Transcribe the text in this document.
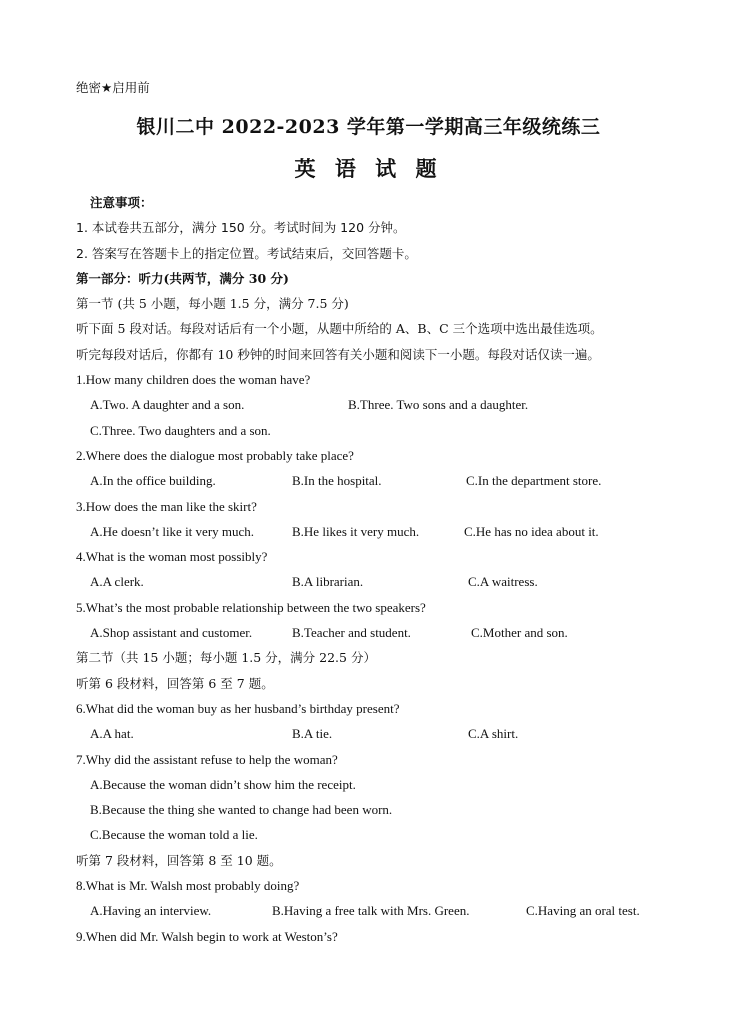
绝密★启用前
银川二中 2022-2023 学年第一学期高三年级统练三
英 语 试 题
注意事项：
1. 本试卷共五部分，满分 150 分。考试时间为 120 分钟。
2. 答案写在答题卡上的指定位置。考试结束后，交回答题卡。
第一部分：听力(共两节，满分 30 分)
第一节 (共 5 小题，每小题 1.5 分，满分 7.5 分)
听下面 5 段对话。每段对话后有一个小题，从题中所给的 A、B、C 三个选项中选出最佳选项。
听完每段对话后，你都有 10 秒钟的时间来回答有关小题和阅读下一小题。每段对话仅读一遍。
1.How many children does the woman have?
A.Two. A daughter and a son.	B.Three. Two sons and a daughter.
C.Three. Two daughters and a son.
2.Where does the dialogue most probably take place?
A.In the office building.	B.In the hospital.	C.In the department store.
3.How does the man like the skirt?
A.He doesn’t like it very much.	B.He likes it very much.	C.He has no idea about it.
4.What is the woman most possibly?
A.A clerk.	B.A librarian.	C.A waitress.
5.What’s the most probable relationship between the two speakers?
A.Shop assistant and customer.	B.Teacher and student.	C.Mother and son.
第二节（共 15 小题；每小题 1.5 分，满分 22.5 分）
听第 6 段材料，回答第 6 至 7 题。
6.What did the woman buy as her husband’s birthday present?
A.A hat.	B.A tie.	C.A shirt.
7.Why did the assistant refuse to help the woman?
A.Because the woman didn’t show him the receipt.
B.Because the thing she wanted to change had been worn.
C.Because the woman told a lie.
听第 7 段材料，回答第 8 至 10 题。
8.What is Mr. Walsh most probably doing?
A.Having an interview.	B.Having a free talk with Mrs. Green.	C.Having an oral test.
9.When did Mr. Walsh begin to work at Weston’s?
